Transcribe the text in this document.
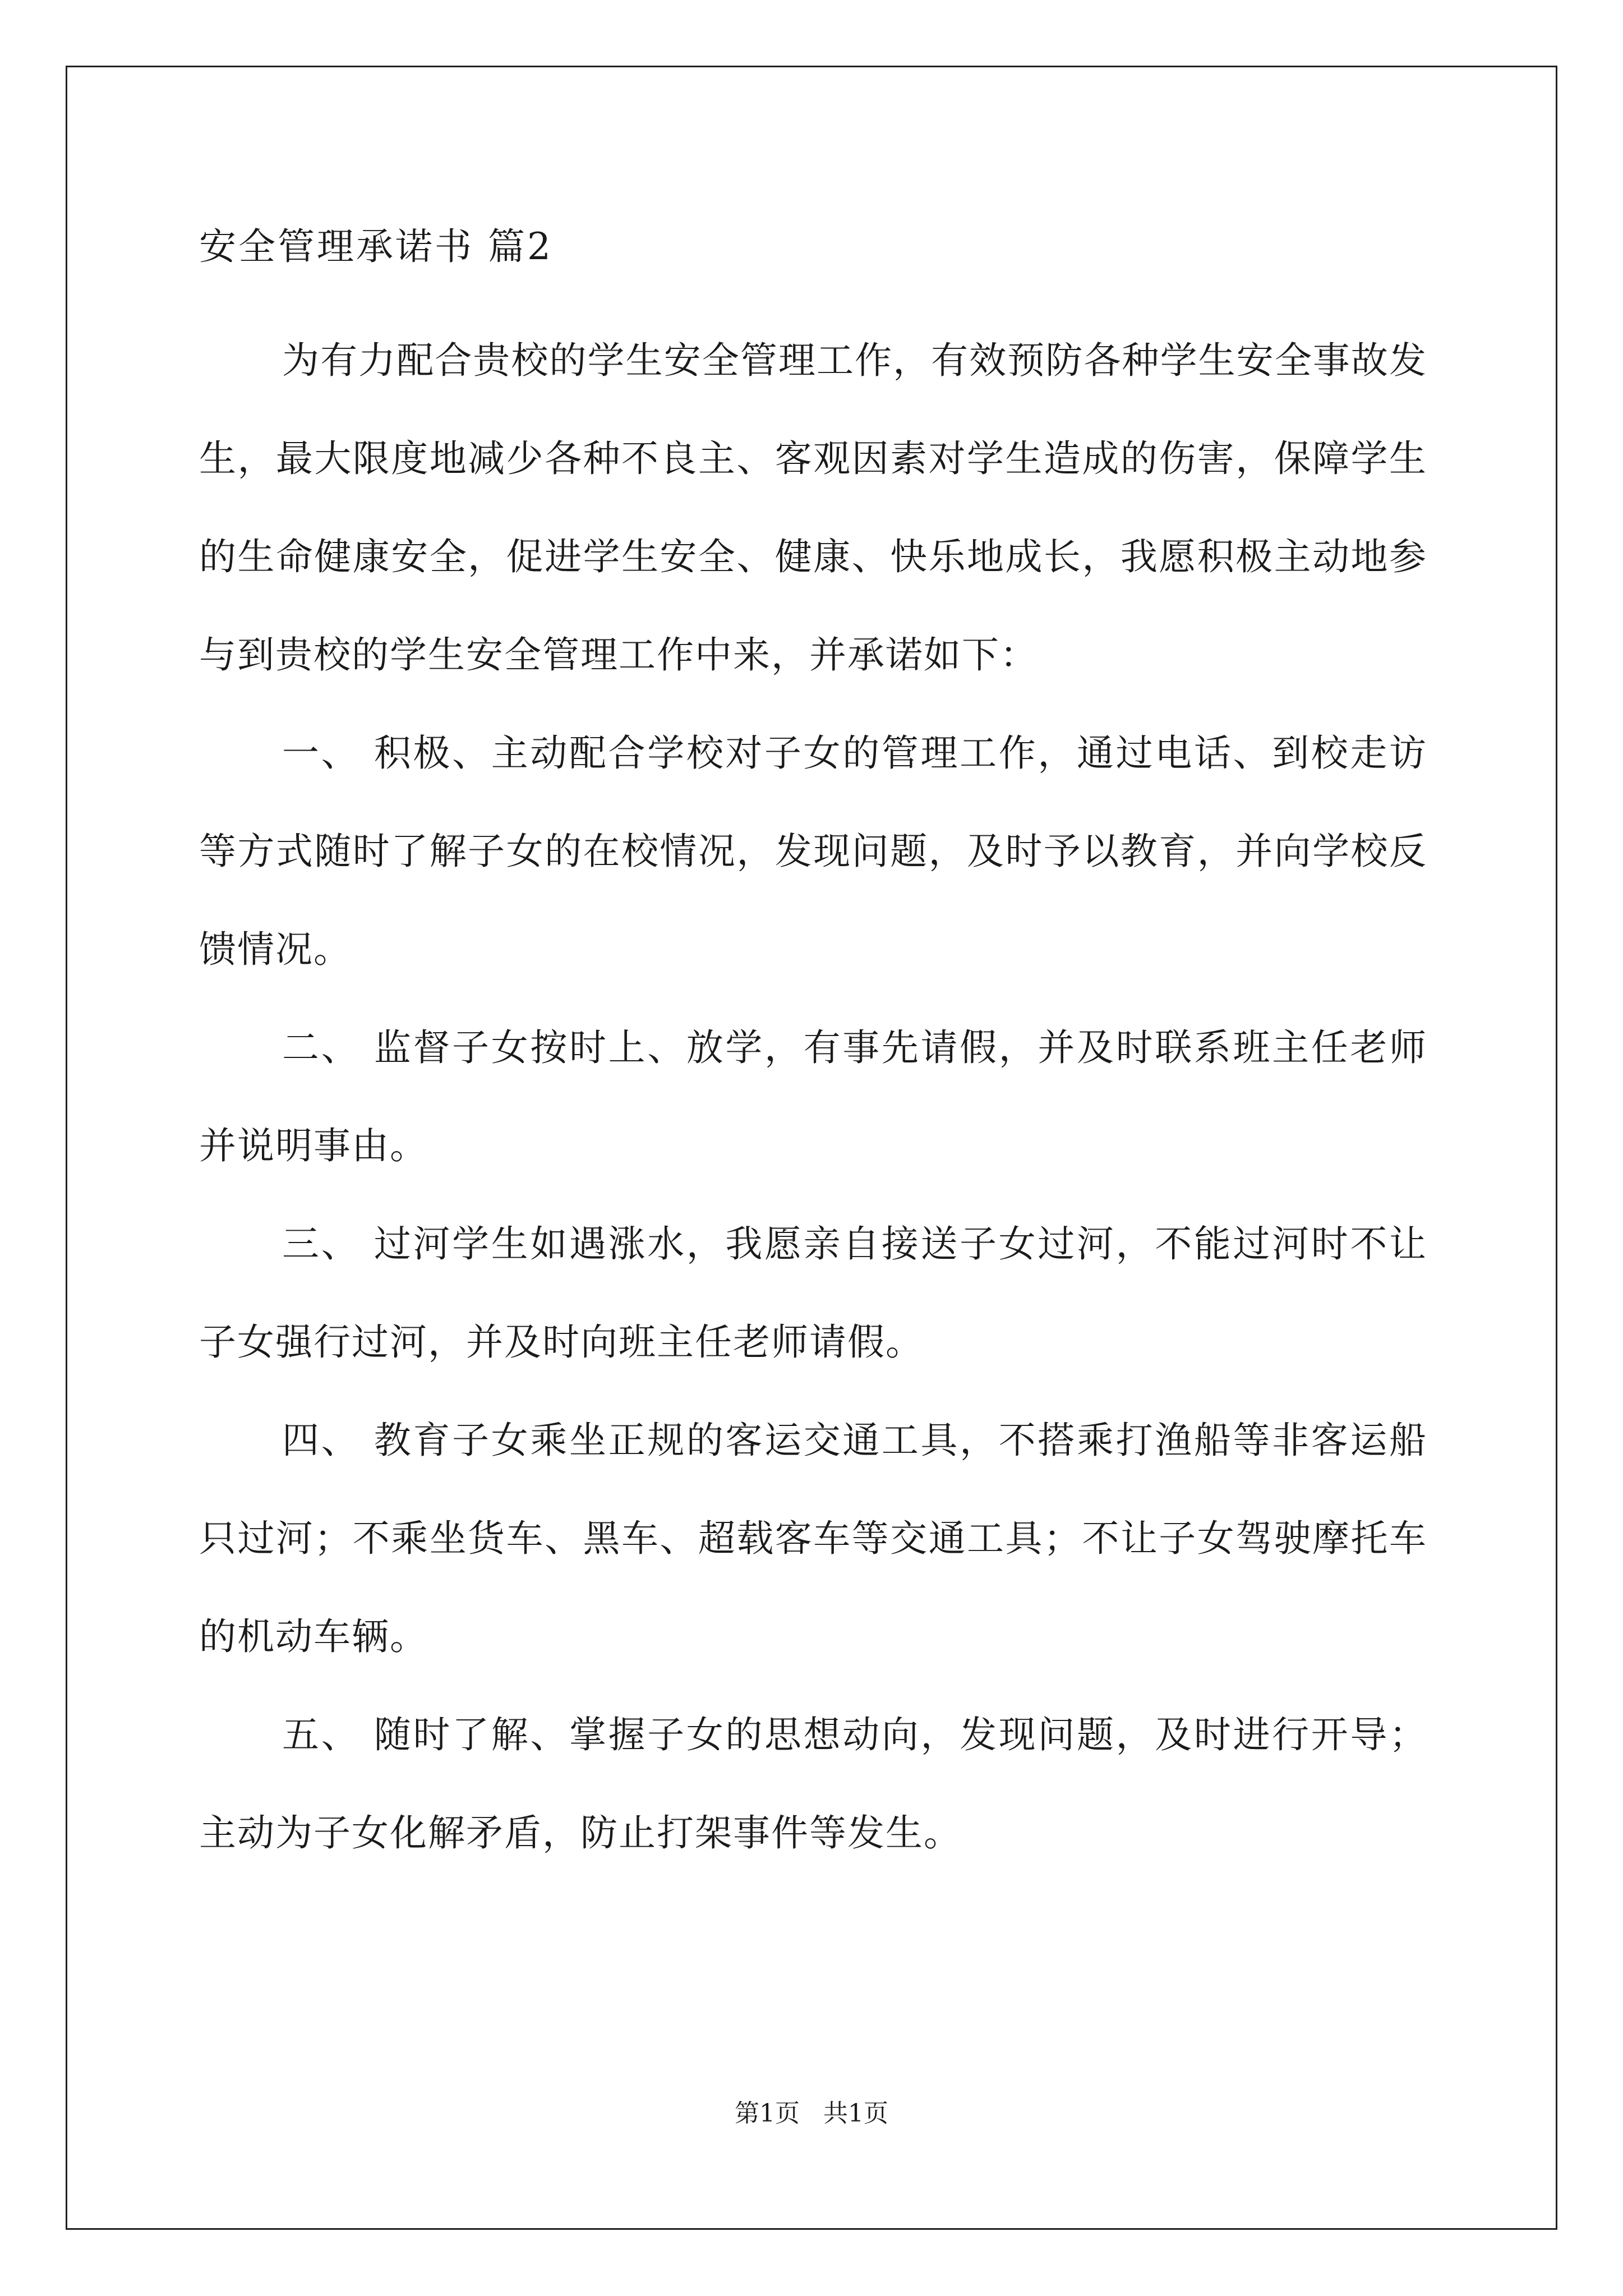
安全管理承诺书 篇2

为有力配合贵校的学生安全管理工作，有效预防各种学生安全事故发生，最大限度地减少各种不良主、客观因素对学生造成的伤害，保障学生的生命健康安全，促进学生安全、健康、快乐地成长，我愿积极主动地参与到贵校的学生安全管理工作中来，并承诺如下：

一、 积极、主动配合学校对子女的管理工作，通过电话、到校走访等方式随时了解子女的在校情况，发现问题，及时予以教育，并向学校反馈情况。

二、 监督子女按时上、放学，有事先请假，并及时联系班主任老师并说明事由。

三、 过河学生如遇涨水，我愿亲自接送子女过河，不能过河时不让子女强行过河，并及时向班主任老师请假。

四、 教育子女乘坐正规的客运交通工具，不搭乘打渔船等非客运船只过河；不乘坐货车、黑车、超载客车等交通工具；不让子女驾驶摩托车的机动车辆。

五、 随时了解、掌握子女的思想动向，发现问题，及时进行开导；主动为子女化解矛盾，防止打架事件等发生。

第1页 共1页
